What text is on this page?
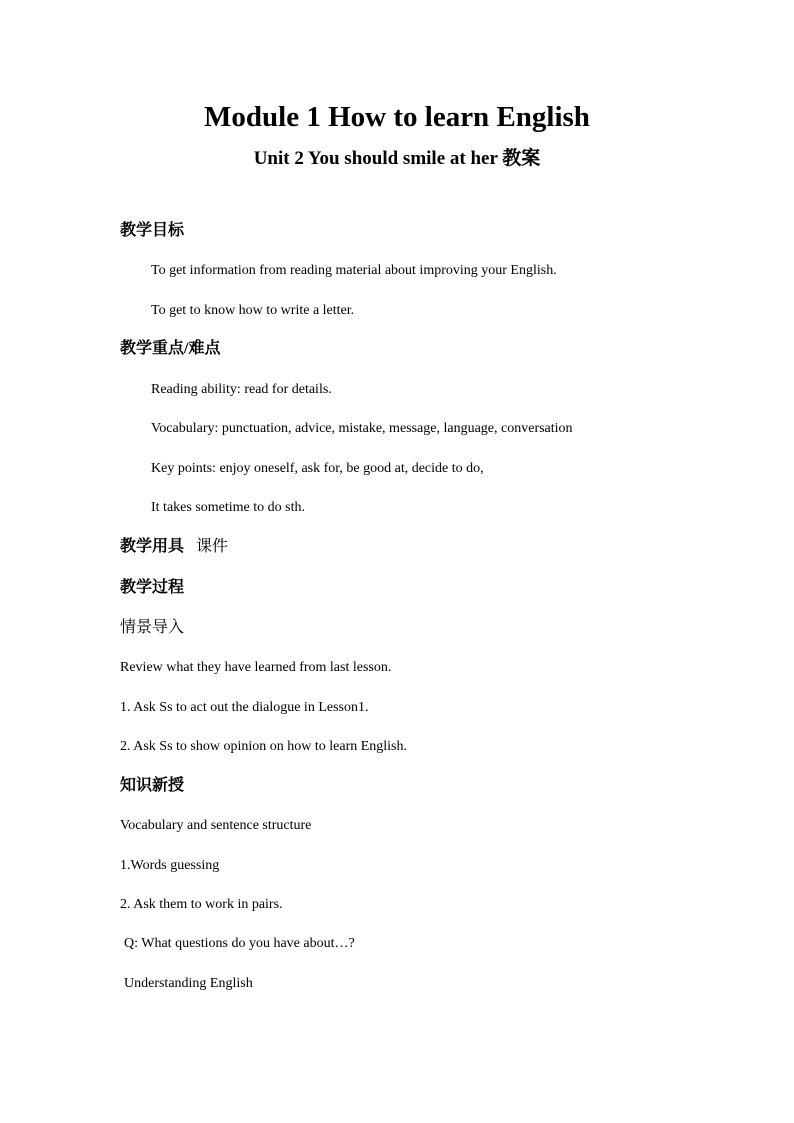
Module 1 How to learn English
Unit 2 You should smile at her 教案
教学目标
To get information from reading material about improving your English.
To get to know how to write a letter.
教学重点/难点
Reading ability: read for details.
Vocabulary: punctuation, advice, mistake, message, language, conversation
Key points: enjoy oneself, ask for, be good at, decide to do,
It takes sometime to do sth.
教学用具 课件
教学过程
情景导入
Review what they have learned from last lesson.
1. Ask Ss to act out the dialogue in Lesson1.
2. Ask Ss to show opinion on how to learn English.
知识新授
Vocabulary and sentence structure
1.Words guessing
2. Ask them to work in pairs.
Q: What questions do you have about…?
Understanding English
